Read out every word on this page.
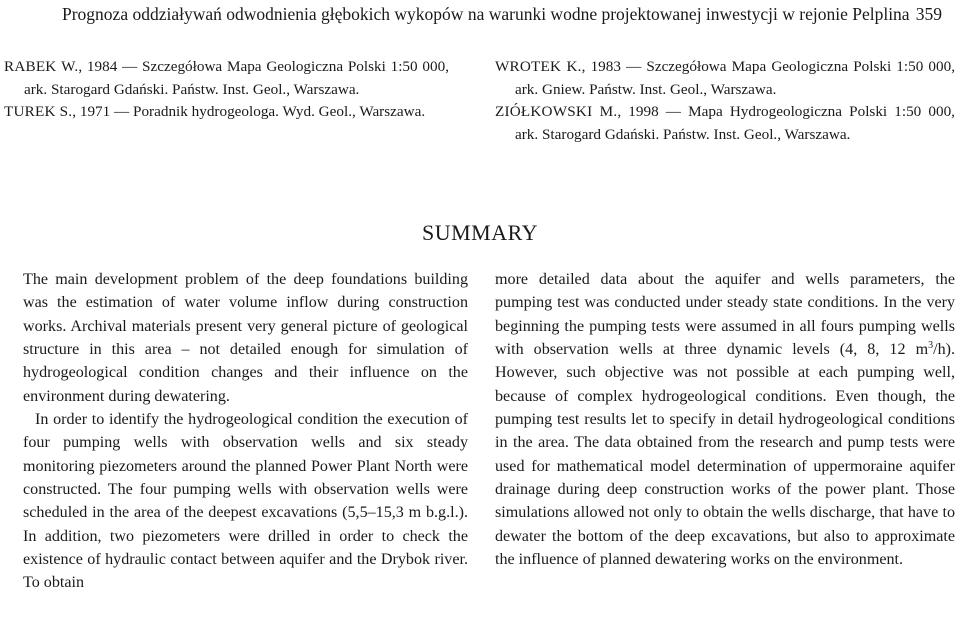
Prognoza oddziaływań odwodnienia głębokich wykopów na warunki wodne projektowanej inwestycji w rejonie Pelplina 359
RABEK W., 1984 — Szczegółowa Mapa Geologiczna Polski 1:50 000, ark. Starogard Gdański. Państw. Inst. Geol., Warszawa.
TUREK S., 1971 — Poradnik hydrogeologa. Wyd. Geol., Warszawa.
WROTEK K., 1983 — Szczegółowa Mapa Geologiczna Polski 1:50 000, ark. Gniew. Państw. Inst. Geol., Warszawa.
ZIÓŁKOWSKI M., 1998 — Mapa Hydrogeologiczna Polski 1:50 000, ark. Starogard Gdański. Państw. Inst. Geol., Warszawa.
SUMMARY

The main development problem of the deep foundations building was the estimation of water volume inflow during construction works. Archival materials present very general picture of geological structure in this area – not detailed enough for simulation of hydrogeological condition changes and their influence on the environment during dewatering.

In order to identify the hydrogeological condition the execution of four pumping wells with observation wells and six steady monitoring piezometers around the planned Power Plant North were constructed. The four pumping wells with observation wells were scheduled in the area of the deepest excavations (5,5–15,3 m b.g.l.). In addition, two piezometers were drilled in order to check the existence of hydraulic contact between aquifer and the Drybok river. To obtain

more detailed data about the aquifer and wells parameters, the pumping test was conducted under steady state conditions. In the very beginning the pumping tests were assumed in all fours pumping wells with observation wells at three dynamic levels (4, 8, 12 $m^3/h$). However, such objective was not possible at each pumping well, because of complex hydrogeological conditions. Even though, the pumping test results let to specify in detail hydrogeological conditions in the area. The data obtained from the research and pump tests were used for mathematical model determination of uppermoraine aquifer drainage during deep construction works of the power plant. Those simulations allowed not only to obtain the wells discharge, that have to dewater the bottom of the deep excavations, but also to approximate the influence of planned dewatering works on the environment.
